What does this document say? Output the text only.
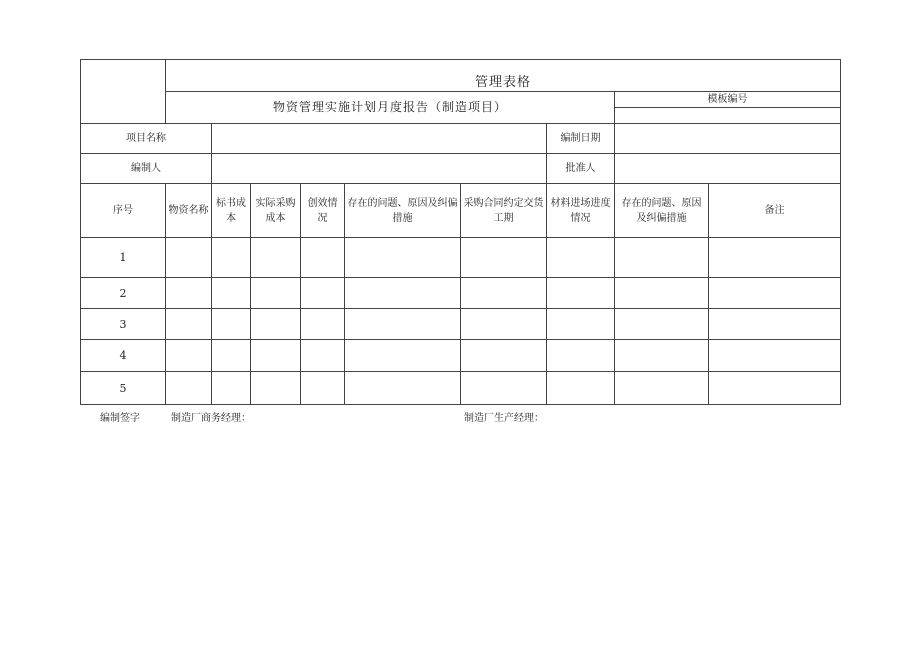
	管理表格								
	物资管理实施计划月度报告（制造项目）							模板编号	

项目名称							编制日期		
编制人							批准人		
序号	物资名称	标书成本	实际采购成本	创效情况	存在的问题、原因及纠偏措施	采购合同约定交货工期	材料进场进度情况	存在的问题、原因及纠偏措施	备注
1									
2									
3									
4									
5									
编制签字	制造厂商务经理：	制造厂生产经理：
